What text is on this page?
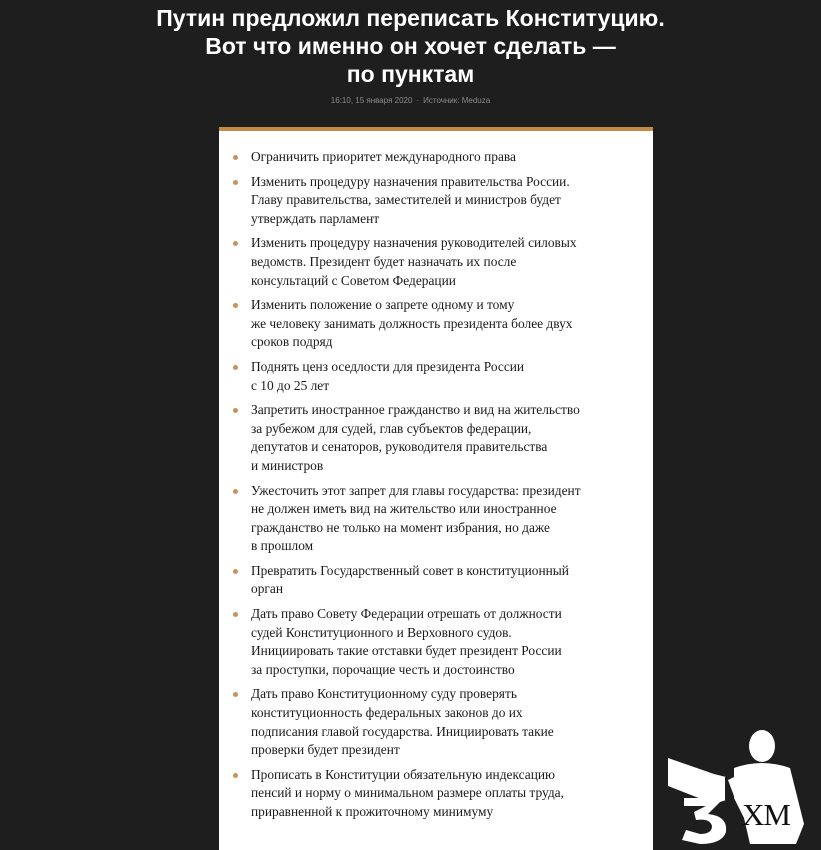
Путин предложил переписать Конституцию.
Вот что именно он хочет сделать —
по пунктам
16:10, 15 января 2020 · Источник: Meduza
Ограничить приоритет международного права
Изменить процедуру назначения правительства России.
Главу правительства, заместителей и министров будет
утверждать парламент
Изменить процедуру назначения руководителей силовых
ведомств. Президент будет назначать их после
консультаций с Советом Федерации
Изменить положение о запрете одному и тому
же человеку занимать должность президента более двух
сроков подряд
Поднять ценз оседлости для президента России
с 10 до 25 лет
Запретить иностранное гражданство и вид на жительство
за рубежом для судей, глав субъектов федерации,
депутатов и сенаторов, руководителя правительства
и министров
Ужесточить этот запрет для главы государства: президент
не должен иметь вид на жительство или иностранное
гражданство не только на момент избрания, но даже
в прошлом
Превратить Государственный совет в конституционный
орган
Дать право Совету Федерации отрешать от должности
судей Конституционного и Верховного судов.
Инициировать такие отставки будет президент России
за проступки, порочащие честь и достоинство
Дать право Конституционному суду проверять
конституционность федеральных законов до их
подписания главой государства. Инициировать такие
проверки будет президент
Прописать в Конституции обязательную индексацию
пенсий и норму о минимальном размере оплаты труда,
приравненной к прожиточному минимуму	ХМ
